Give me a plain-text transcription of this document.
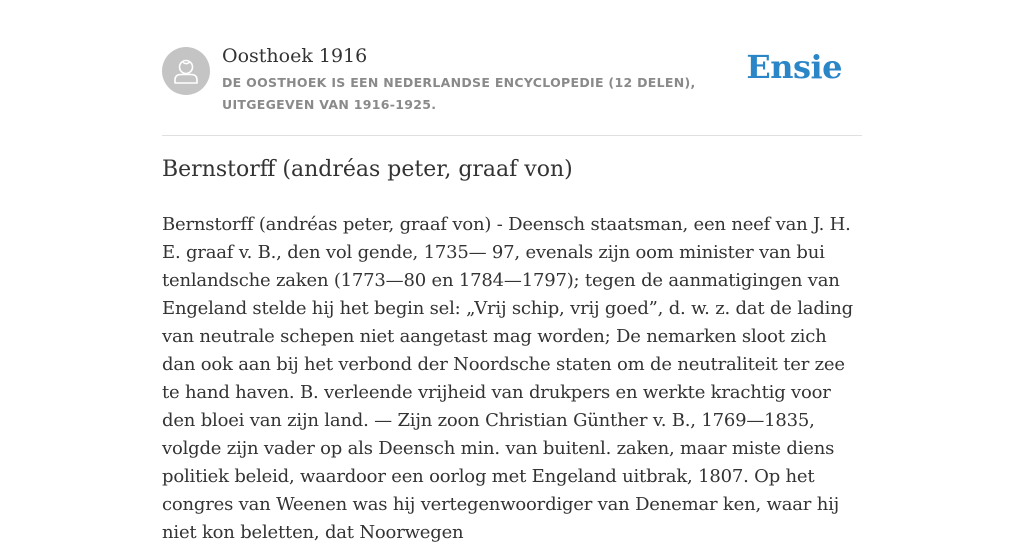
Oosthoek 1916
DE OOSTHOEK IS EEN NEDERLANDSE ENCYCLOPEDIE (12 DELEN), UITGEGEVEN VAN 1916-1925.
Ensie
Bernstorff (andréas peter, graaf von)

Bernstorff (andréas peter, graaf von) - Deensch staatsman, een neef van J. H. E. graaf v. B., den vol gende, 1735— 97, evenals zijn oom minister van bui tenlandsche zaken (1773—80 en 1784—1797); tegen de aanmatigingen van Engeland stelde hij het begin sel: „Vrij schip, vrij goed”, d. w. z. dat de lading van neutrale schepen niet aangetast mag worden; De nemarken sloot zich dan ook aan bij het verbond der Noordsche staten om de neutraliteit ter zee te hand haven. B. verleende vrijheid van drukpers en werkte krachtig voor den bloei van zijn land. — Zijn zoon Christian Günther v. B., 1769—1835, volgde zijn vader op als Deensch min. van buitenl. zaken, maar miste diens politiek beleid, waardoor een oorlog met Engeland uitbrak, 1807. Op het congres van Weenen was hij vertegenwoordiger van Denemar ken, waar hij niet kon beletten, dat Noorwegen
